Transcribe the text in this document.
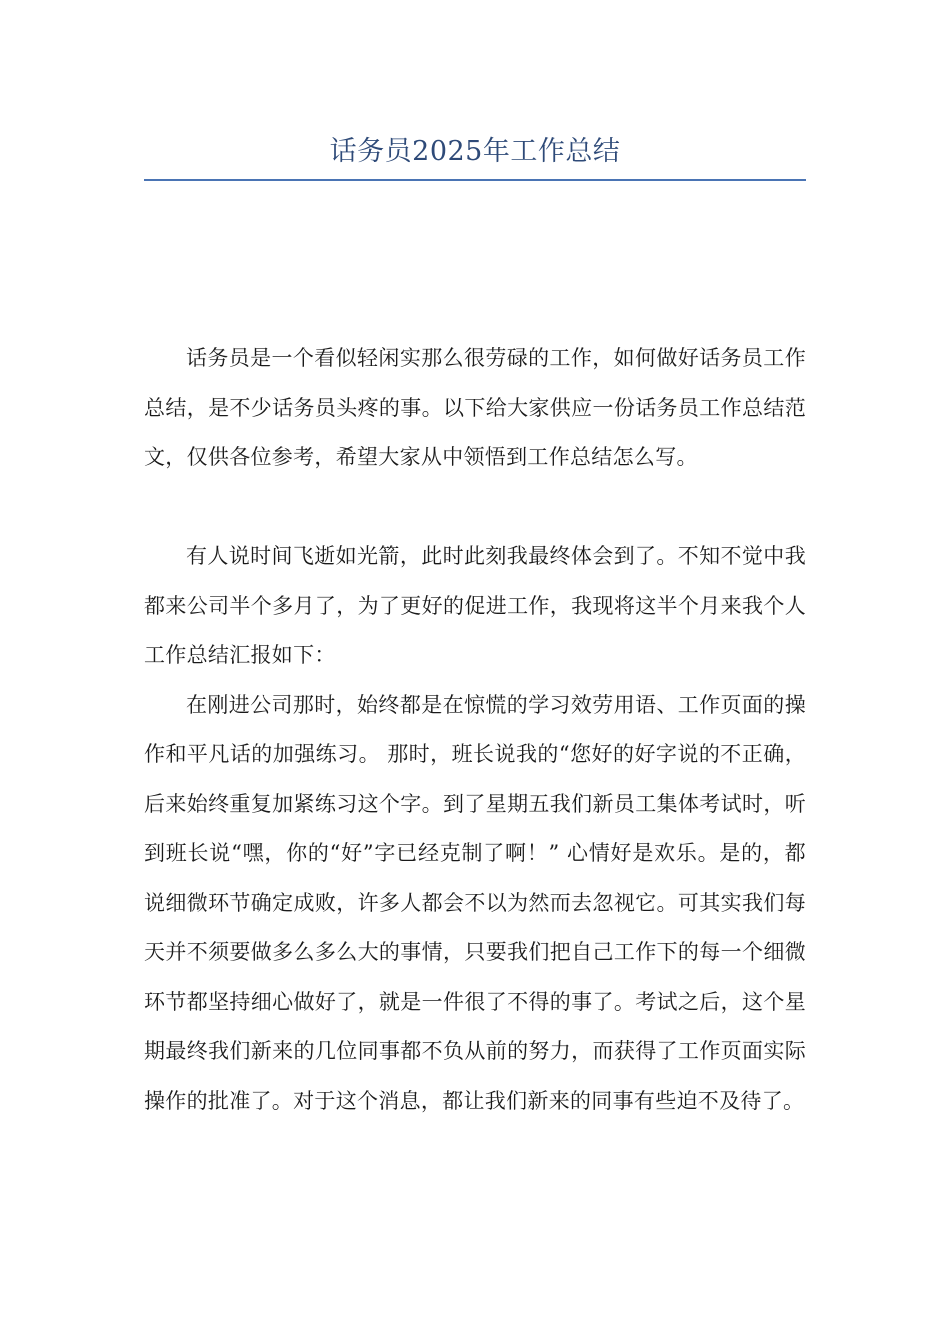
话务员2025年工作总结

话务员是一个看似轻闲实那么很劳碌的工作，如何做好话务员工作总结，是不少话务员头疼的事。以下给大家供应一份话务员工作总结范文，仅供各位参考，希望大家从中领悟到工作总结怎么写。

有人说时间飞逝如光箭，此时此刻我最终体会到了。不知不觉中我都来公司半个多月了，为了更好的促进工作，我现将这半个月来我个人工作总结汇报如下：

在刚进公司那时，始终都是在惊慌的学习效劳用语、工作页面的操作和平凡话的加强练习。 那时，班长说我的“您好的好字说的不正确，后来始终重复加紧练习这个字。到了星期五我们新员工集体考试时，听到班长说“嘿，你的“好”字已经克制了啊！” 心情好是欢乐。是的，都说细微环节确定成败，许多人都会不以为然而去忽视它。可其实我们每天并不须要做多么多么大的事情，只要我们把自己工作下的每一个细微环节都坚持细心做好了，就是一件很了不得的事了。考试之后，这个星期最终我们新来的几位同事都不负从前的努力，而获得了工作页面实际操作的批准了。对于这个消息，都让我们新来的同事有些迫不及待了。
